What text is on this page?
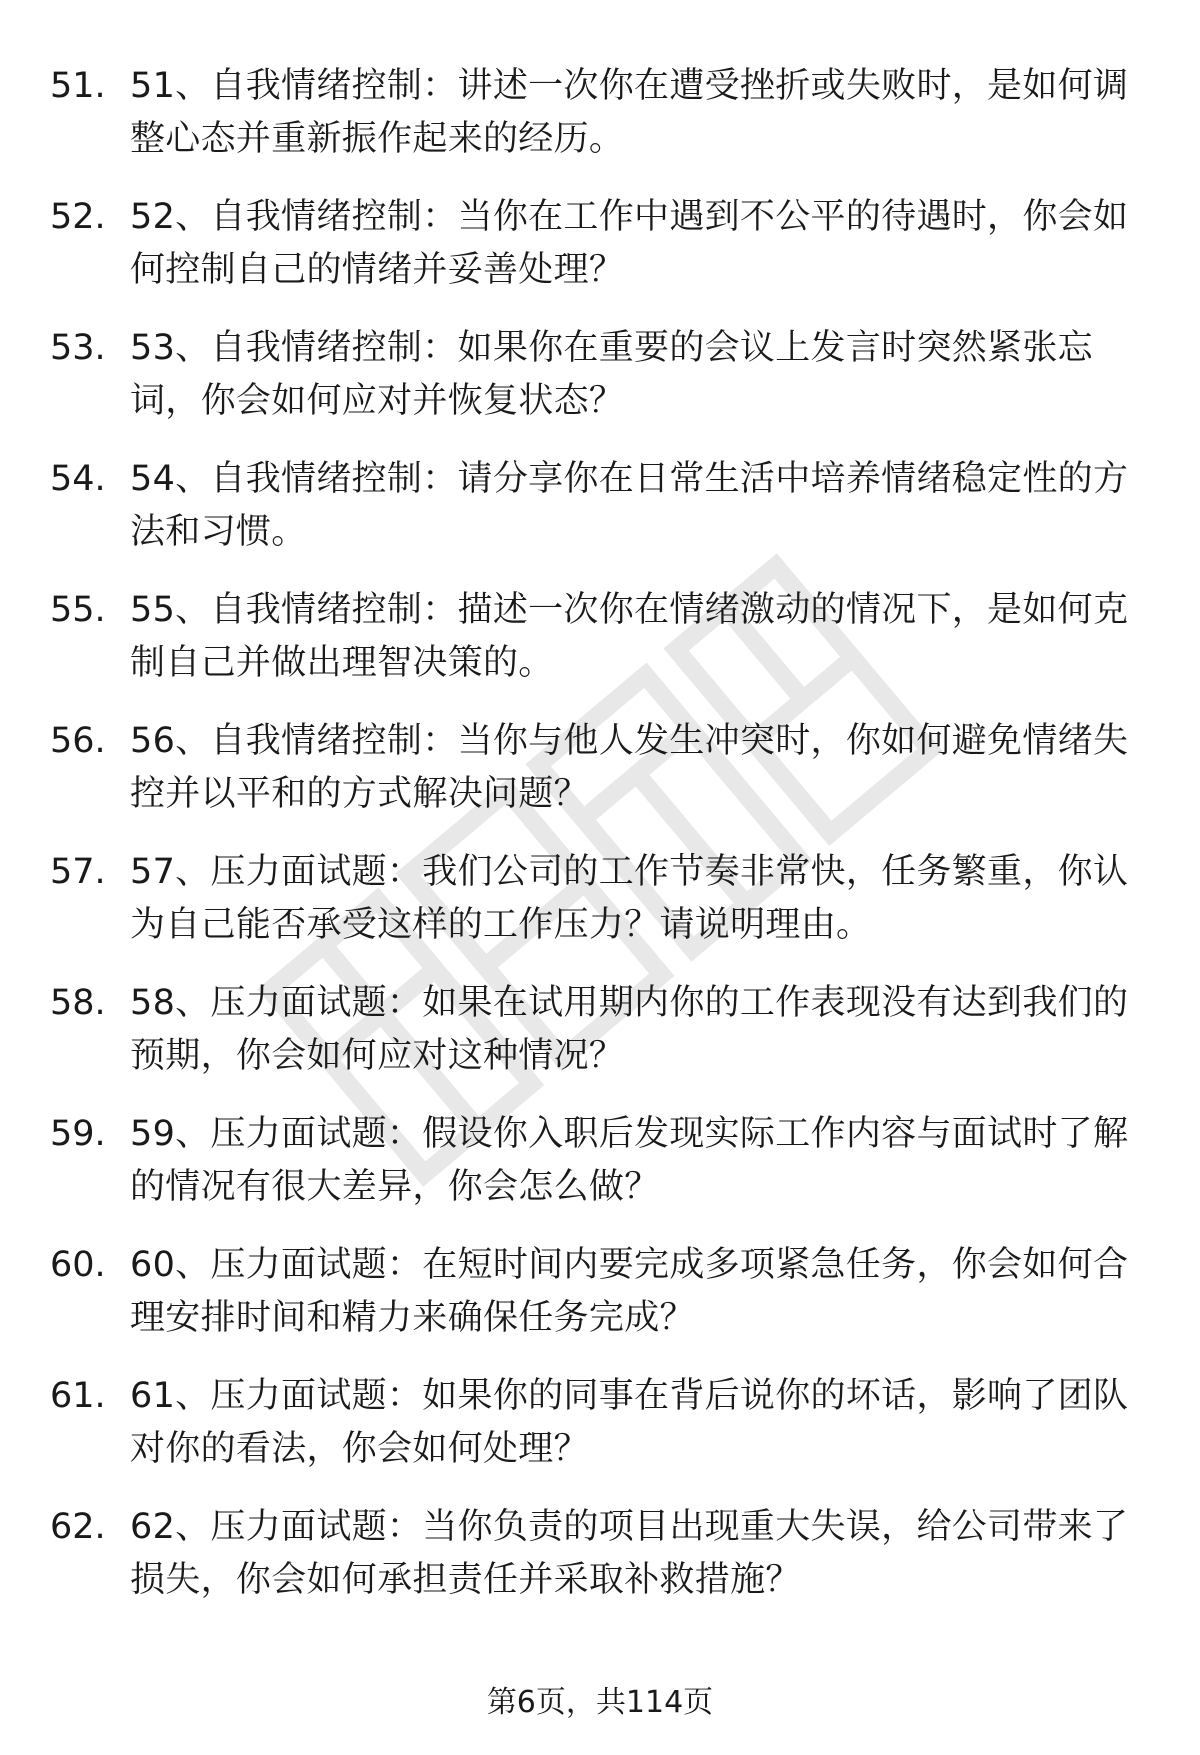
51. 51、自我情绪控制：讲述一次你在遭受挫折或失败时，是如何调整心态并重新振作起来的经历。
52. 52、自我情绪控制：当你在工作中遇到不公平的待遇时，你会如何控制自己的情绪并妥善处理？
53. 53、自我情绪控制：如果你在重要的会议上发言时突然紧张忘词，你会如何应对并恢复状态？
54. 54、自我情绪控制：请分享你在日常生活中培养情绪稳定性的方法和习惯。
55. 55、自我情绪控制：描述一次你在情绪激动的情况下，是如何克制自己并做出理智决策的。
56. 56、自我情绪控制：当你与他人发生冲突时，你如何避免情绪失控并以平和的方式解决问题？
57. 57、压力面试题：我们公司的工作节奏非常快，任务繁重，你认为自己能否承受这样的工作压力？请说明理由。
58. 58、压力面试题：如果在试用期内你的工作表现没有达到我们的预期，你会如何应对这种情况？
59. 59、压力面试题：假设你入职后发现实际工作内容与面试时了解的情况有很大差异，你会怎么做？
60. 60、压力面试题：在短时间内要完成多项紧急任务，你会如何合理安排时间和精力来确保任务完成？
61. 61、压力面试题：如果你的同事在背后说你的坏话，影响了团队对你的看法，你会如何处理？
62. 62、压力面试题：当你负责的项目出现重大失误，给公司带来了损失，你会如何承担责任并采取补救措施？
第6页，共114页
